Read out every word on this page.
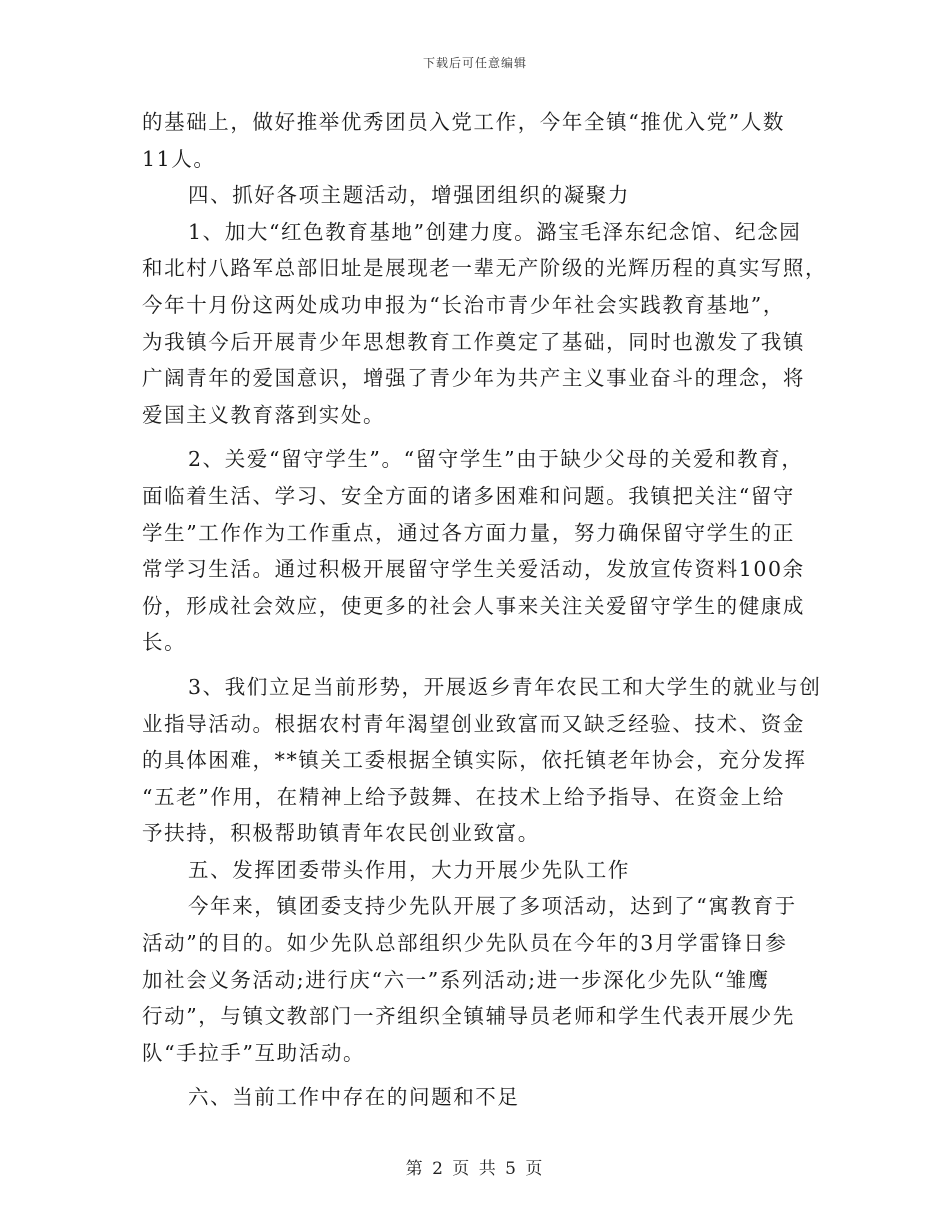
下载后可任意编辑
的基础上，做好推举优秀团员入党工作，今年全镇“推优入党”人数
11人。
四、抓好各项主题活动，增强团组织的凝聚力
1、加大“红色教育基地”创建力度。潞宝毛泽东纪念馆、纪念园
和北村八路军总部旧址是展现老一辈无产阶级的光辉历程的真实写照，
今年十月份这两处成功申报为“长治市青少年社会实践教育基地”，
为我镇今后开展青少年思想教育工作奠定了基础，同时也激发了我镇
广阔青年的爱国意识，增强了青少年为共产主义事业奋斗的理念，将
爱国主义教育落到实处。
2、关爱“留守学生”。“留守学生”由于缺少父母的关爱和教育，
面临着生活、学习、安全方面的诸多困难和问题。我镇把关注“留守
学生”工作作为工作重点，通过各方面力量，努力确保留守学生的正
常学习生活。通过积极开展留守学生关爱活动，发放宣传资料100余
份，形成社会效应，使更多的社会人事来关注关爱留守学生的健康成
长。
3、我们立足当前形势，开展返乡青年农民工和大学生的就业与创
业指导活动。根据农村青年渴望创业致富而又缺乏经验、技术、资金
的具体困难，**镇关工委根据全镇实际，依托镇老年协会，充分发挥
“五老”作用，在精神上给予鼓舞、在技术上给予指导、在资金上给
予扶持，积极帮助镇青年农民创业致富。
五、发挥团委带头作用，大力开展少先队工作
今年来，镇团委支持少先队开展了多项活动，达到了“寓教育于
活动”的目的。如少先队总部组织少先队员在今年的3月学雷锋日参
加社会义务活动;进行庆“六一”系列活动;进一步深化少先队“雏鹰
行动”，与镇文教部门一齐组织全镇辅导员老师和学生代表开展少先
队“手拉手”互助活动。
六、当前工作中存在的问题和不足
第 2 页 共 5 页
